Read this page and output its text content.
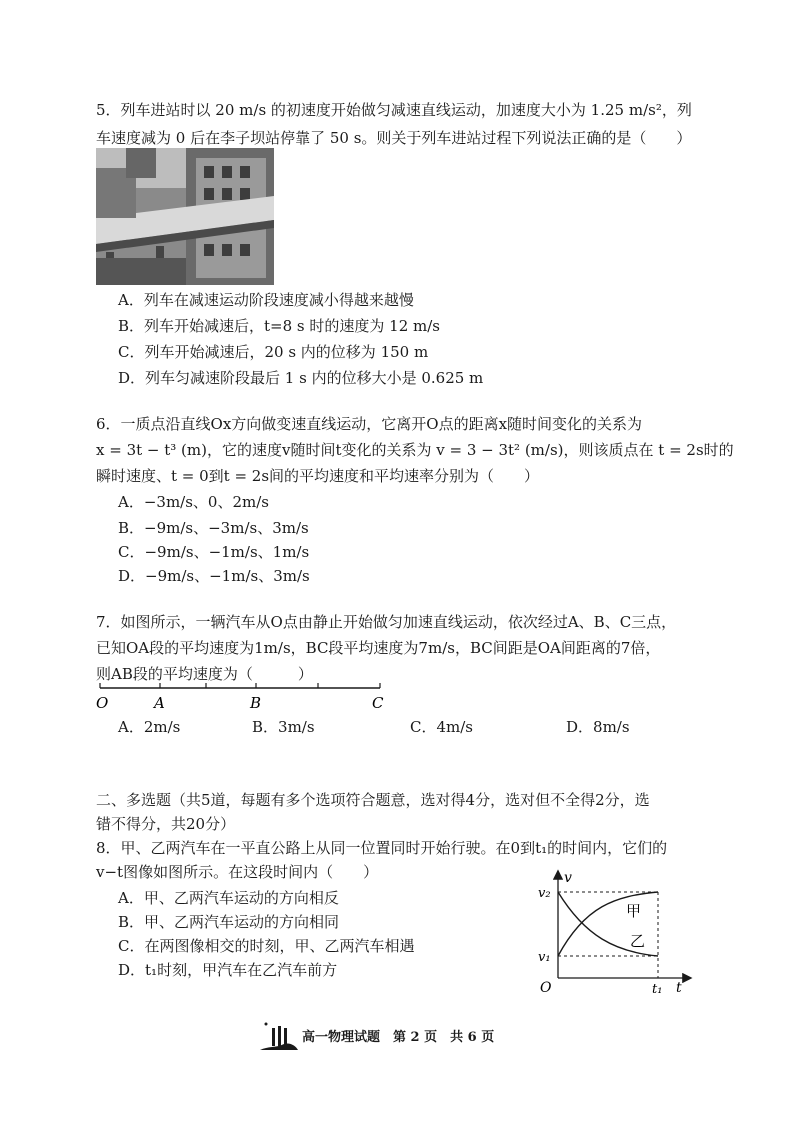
5．列车进站时以 20 m/s 的初速度开始做匀减速直线运动，加速度大小为 1.25 m/s²，列
车速度减为 0 后在李子坝站停靠了 50 s。则关于列车进站过程下列说法正确的是（　　）
A．列车在减速运动阶段速度减小得越来越慢
B．列车开始减速后，t=8 s 时的速度为 12 m/s
C．列车开始减速后，20 s 内的位移为 150 m
D．列车匀减速阶段最后 1 s 内的位移大小是 0.625 m
6．一质点沿直线Ox方向做变速直线运动，它离开O点的距离x随时间变化的关系为
x = 3t − t³ (m)，它的速度v随时间t变化的关系为 v = 3 − 3t² (m/s)，则该质点在 t = 2s时的
瞬时速度、t = 0到t = 2s间的平均速度和平均速率分别为（　　）
A．−3m/s、0、2m/s
B．−9m/s、−3m/s、3m/s
C．−9m/s、−1m/s、1m/s
D．−9m/s、−1m/s、3m/s
7．如图所示，一辆汽车从O点由静止开始做匀加速直线运动，依次经过A、B、C三点，
已知OA段的平均速度为1m/s，BC段平均速度为7m/s，BC间距是OA间距离的7倍，
则AB段的平均速度为（　　　）
O	A	B	C
A．2m/s	B．3m/s	C．4m/s	D．8m/s
二、多选题（共5道，每题有多个选项符合题意，选对得4分，选对但不全得2分，选
错不得分，共20分）
8．甲、乙两汽车在一平直公路上从同一位置同时开始行驶。在0到t₁的时间内，它们的
v−t图像如图所示。在这段时间内（　　）
A．甲、乙两汽车运动的方向相反
B．甲、乙两汽车运动的方向相同
C．在两图像相交的时刻，甲、乙两汽车相遇
D．t₁时刻，甲汽车在乙汽车前方
v
t
O
v₂
v₁
t₁
甲
乙
高一物理试题　第 2 页　共 6 页
